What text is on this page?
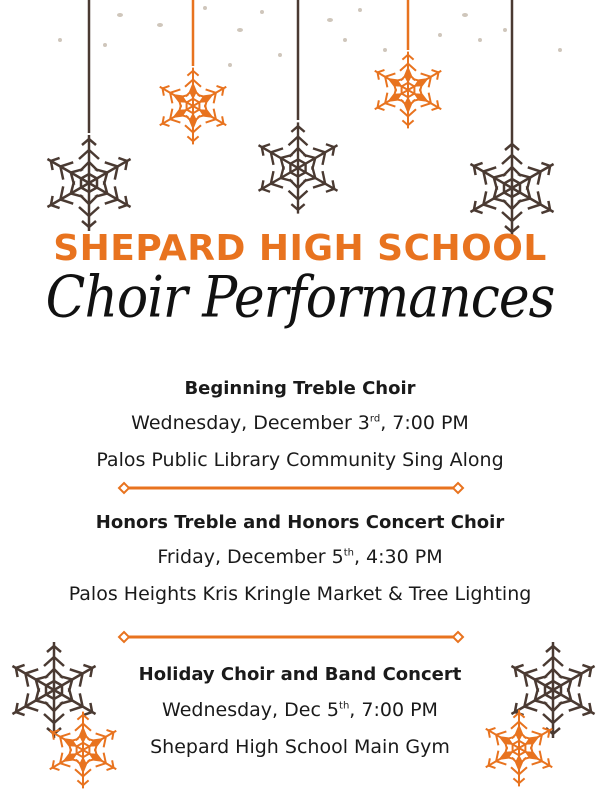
SHEPARD HIGH SCHOOL
Choir Performances
Beginning Treble Choir
Wednesday, December 3rd, 7:00 PM
Palos Public Library Community Sing Along
Honors Treble and Honors Concert Choir
Friday, December 5th, 4:30 PM
Palos Heights Kris Kringle Market & Tree Lighting
Holiday Choir and Band Concert
Wednesday, Dec 5th, 7:00 PM
Shepard High School Main Gym
